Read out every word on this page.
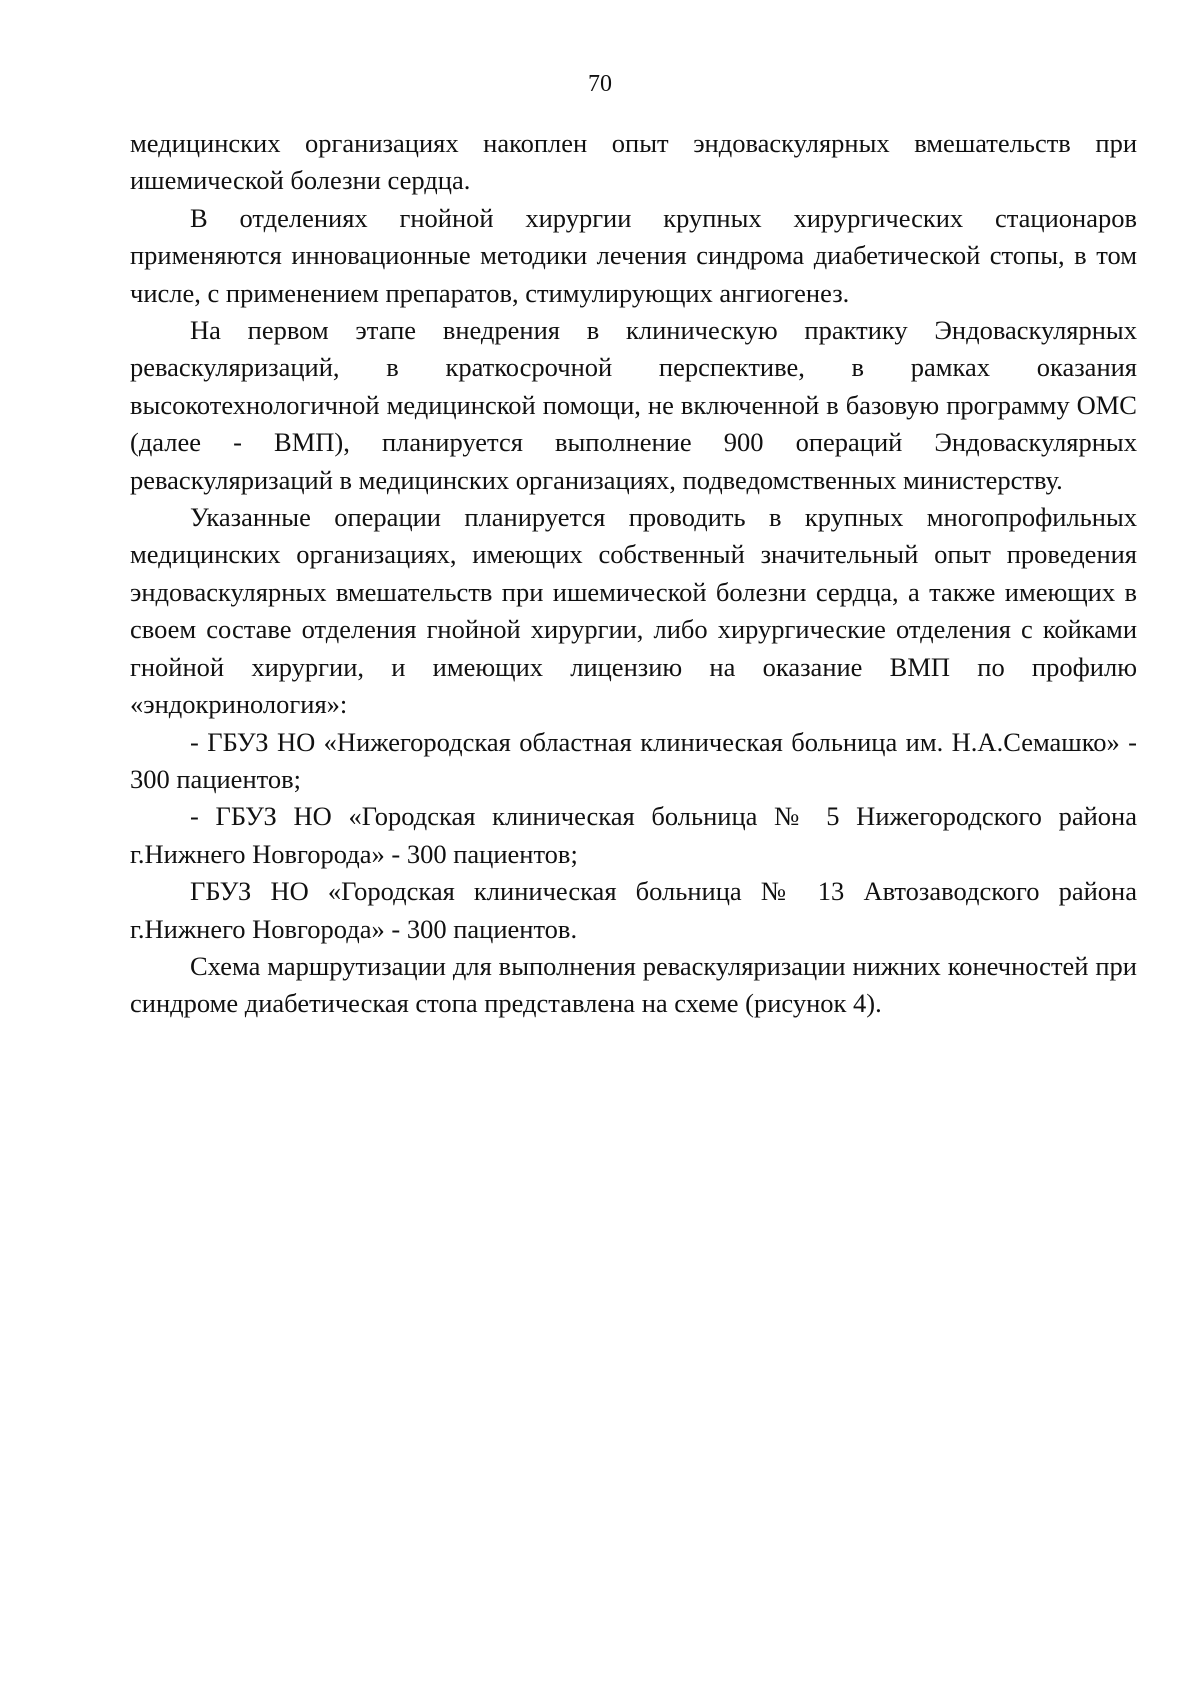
70

медицинских организациях накоплен опыт эндоваскулярных вмешательств при ишемической болезни сердца.

В отделениях гнойной хирургии крупных хирургических стационаров применяются инновационные методики лечения синдрома диабетической стопы, в том числе, с применением препаратов, стимулирующих ангиогенез.

На первом этапе внедрения в клиническую практику Эндоваскулярных реваскуляризаций, в краткосрочной перспективе, в рамках оказания высокотехнологичной медицинской помощи, не включенной в базовую программу ОМС (далее - ВМП), планируется выполнение 900 операций Эндоваскулярных реваскуляризаций в медицинских организациях, подведомственных министерству.

Указанные операции планируется проводить в крупных многопрофильных медицинских организациях, имеющих собственный значительный опыт проведения эндоваскулярных вмешательств при ишемической болезни сердца, а также имеющих в своем составе отделения гнойной хирургии, либо хирургические отделения с койками гнойной хирургии, и имеющих лицензию на оказание ВМП по профилю «эндокринология»:

- ГБУЗ НО «Нижегородская областная клиническая больница им. Н.А.Семашко» - 300 пациентов;

- ГБУЗ НО «Городская клиническая больница № 5 Нижегородского района г.Нижнего Новгорода» - 300 пациентов;

ГБУЗ НО «Городская клиническая больница № 13 Автозаводского района г.Нижнего Новгорода» - 300 пациентов.

Схема маршрутизации для выполнения реваскуляризации нижних конечностей при синдроме диабетическая стопа представлена на схеме (рисунок 4).
